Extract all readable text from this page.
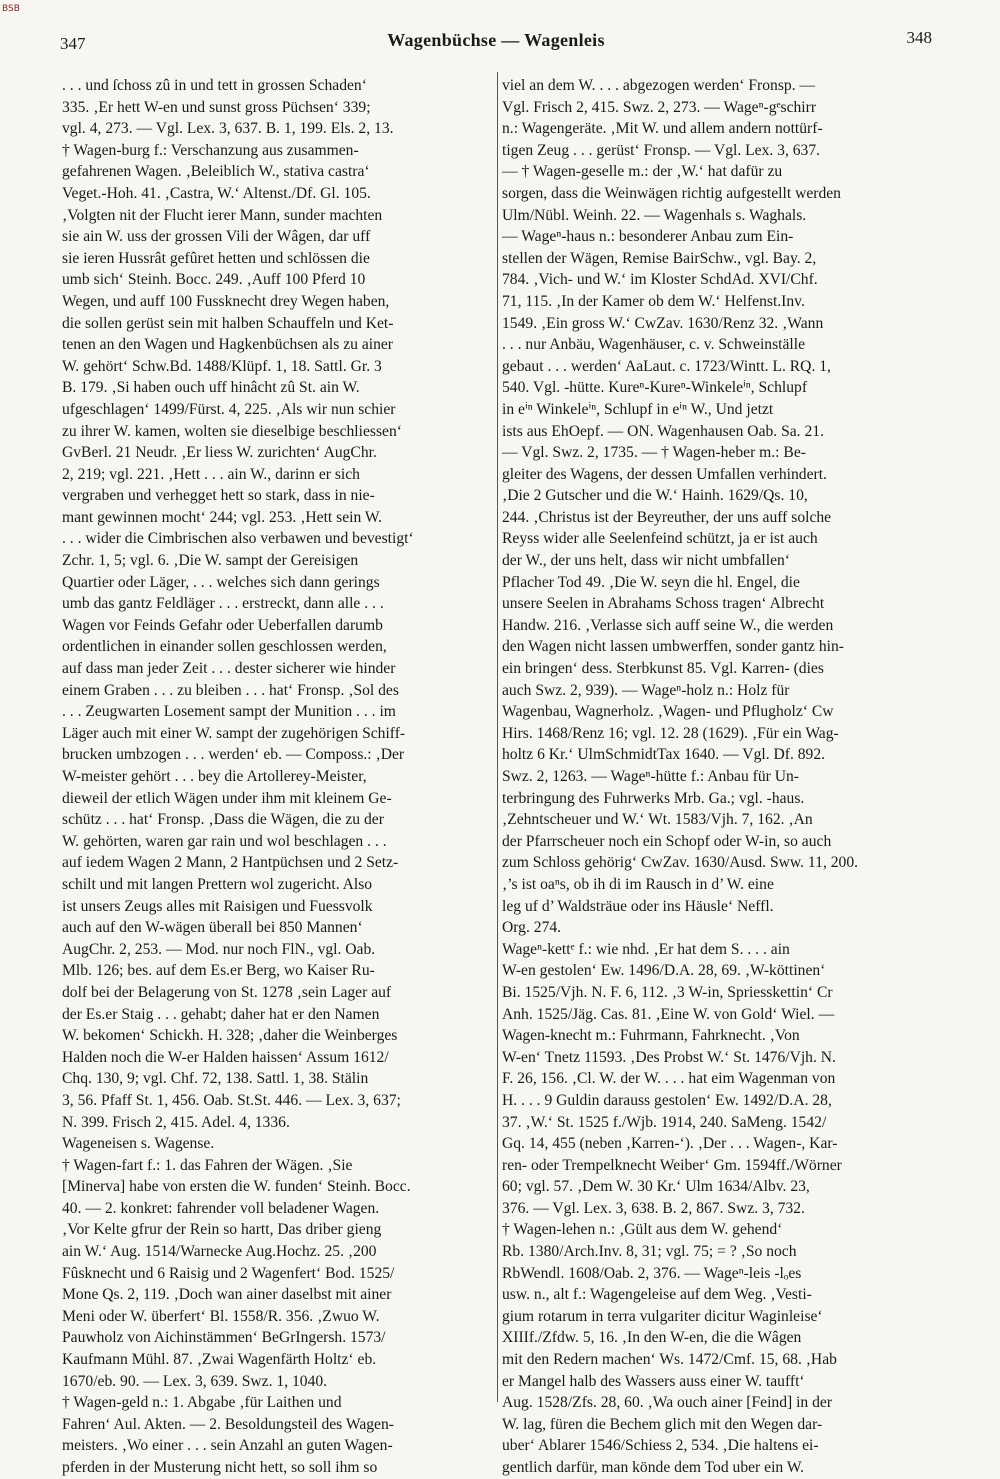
BSB
347	Wagenbüchse — Wagenleis	348
. . . und ſchoss zû in und tett in grossen Schaden‘
335. ‚Er hett W-en und sunst gross Püchsen‘ 339;
vgl. 4, 273. — Vgl. Lex. 3, 637. B. 1, 199. Els. 2, 13.
† Wagen-burg f.: Verschanzung aus zusammen-
gefahrenen Wagen. ‚Beleiblich W., stativa castra‘
Veget.-Hoh. 41. ‚Castra, W.‘ Altenst./Df. Gl. 105.
‚Volgten nit der Flucht ierer Mann, sunder machten
sie ain W. uss der grossen Vili der Wâgen, dar uff
sie ieren Hussrât gefûret hetten und schlössen die
umb sich‘ Steinh. Bocc. 249. ‚Auff 100 Pferd 10
Wegen, und auff 100 Fussknecht drey Wegen haben,
die sollen gerüst sein mit halben Schauffeln und Ket-
tenen an den Wagen und Hagkenbüchsen als zu ainer
W. gehört‘ Schw.Bd. 1488/Klüpf. 1, 18. Sattl. Gr. 3
B. 179. ‚Si haben ouch uff hinâcht zû St. ain W.
ufgeschlagen‘ 1499/Fürst. 4, 225. ‚Als wir nun schier
zu ihrer W. kamen, wolten sie dieselbige beschliessen‘
GvBerl. 21 Neudr. ‚Er liess W. zurichten‘ AugChr.
2, 219; vgl. 221. ‚Hett . . . ain W., darinn er sich
vergraben und verhegget hett so stark, dass in nie-
mant gewinnen mocht‘ 244; vgl. 253. ‚Hett sein W.
. . . wider die Cimbrischen also verbawen und bevestigt‘
Zchr. 1, 5; vgl. 6. ‚Die W. sampt der Gereisigen
Quartier oder Läger, . . . welches sich dann gerings
umb das gantz Feldläger . . . erstreckt, dann alle . . .
Wagen vor Feinds Gefahr oder Ueberfallen darumb
ordentlichen in einander sollen geschlossen werden,
auf dass man jeder Zeit . . . dester sicherer wie hinder
einem Graben . . . zu bleiben . . . hat‘ Fronsp. ‚Sol des
. . . Zeugwarten Losement sampt der Munition . . . im
Läger auch mit einer W. sampt der zugehörigen Schiff-
brucken umbzogen . . . werden‘ eb. — Composs.: ‚Der
W-meister gehört . . . bey die Artollerey-Meister,
dieweil der etlich Wägen under ihm mit kleinem Ge-
schütz . . . hat‘ Fronsp. ‚Dass die Wägen, die zu der
W. gehörten, waren gar rain und wol beschlagen . . .
auf iedem Wagen 2 Mann, 2 Hantpüchsen und 2 Setz-
schilt und mit langen Prettern wol zugericht. Also
ist unsers Zeugs alles mit Raisigen und Fuessvolk
auch auf den W-wägen überall bei 850 Mannen‘
AugChr. 2, 253. — Mod. nur noch FlN., vgl. Oab.
Mlb. 126; bes. auf dem Es.er Berg, wo Kaiser Ru-
dolf bei der Belagerung von St. 1278 ‚sein Lager auf
der Es.er Staig . . . gehabt; daher hat er den Namen
W. bekomen‘ Schickh. H. 328; ‚daher die Weinberges
Halden noch die W-er Halden haissen‘ Assum 1612/
Chq. 130, 9; vgl. Chf. 72, 138. Sattl. 1, 38. Stälin
3, 56. Pfaff St. 1, 456. Oab. St.St. 446. — Lex. 3, 637;
N. 399. Frisch 2, 415. Adel. 4, 1336.
Wageneisen s. Wagense.
† Wagen-fart f.: 1. das Fahren der Wägen. ‚Sie
[Minerva] habe von ersten die W. funden‘ Steinh. Bocc.
40. — 2. konkret: fahrender voll beladener Wagen.
‚Vor Kelte gfrur der Rein so hartt, Das driber gieng
ain W.‘ Aug. 1514/Warnecke Aug.Hochz. 25. ‚200
Fûsknecht und 6 Raisig und 2 Wagenfert‘ Bod. 1525/
Mone Qs. 2, 119. ‚Doch wan ainer daselbst mit ainer
Meni oder W. überfert‘ Bl. 1558/R. 356. ‚Zwuo W.
Pauwholz von Aichinstämmen‘ BeGrIngersh. 1573/
Kaufmann Mühl. 87. ‚Zwai Wagenfärth Holtz‘ eb.
1670/eb. 90. — Lex. 3, 639. Swz. 1, 1040.
† Wagen-geld n.: 1. Abgabe ‚für Laithen und
Fahren‘ Aul. Akten. — 2. Besoldungsteil des Wagen-
meisters. ‚Wo einer . . . sein Anzahl an guten Wagen-
pferden in der Musterung nicht hett, so soll ihm so
viel an dem W. . . . abgezogen werden‘ Fronsp. —
Vgl. Frisch 2, 415. Swz. 2, 273. — Wageⁿ-gᵉschirr
n.: Wagengeräte. ‚Mit W. und allem andern nottürf-
tigen Zeug . . . gerüst‘ Fronsp. — Vgl. Lex. 3, 637.
— † Wagen-geselle m.: der ‚W.‘ hat dafür zu
sorgen, dass die Weinwägen richtig aufgestellt werden
Ulm/Nübl. Weinh. 22. — Wagenhals s. Waghals.
— Wageⁿ-haus n.: besonderer Anbau zum Ein-
stellen der Wägen, Remise BairSchw., vgl. Bay. 2,
784. ‚Vich- und W.‘ im Kloster SchdAd. XVI/Chf.
71, 115. ‚In der Kamer ob dem W.‘ Helfenst.Inv.
1549. ‚Ein gross W.‘ CwZav. 1630/Renz 32. ‚Wann
. . . nur Anbäu, Wagenhäuser, c. v. Schweinställe
gebaut . . . werden‘ AaLaut. c. 1723/Wintt. L. RQ. 1,
540. Vgl. -hütte. Kureⁿ-Kureⁿ-Winkeleⁱⁿ, Schlupf
in eⁱⁿ Winkeleⁱⁿ, Schlupf in eⁱⁿ W., Und jetzt
ists aus EhOepf. — ON. Wagenhausen Oab. Sa. 21.
— Vgl. Swz. 2, 1735. — † Wagen-heber m.: Be-
gleiter des Wagens, der dessen Umfallen verhindert.
‚Die 2 Gutscher und die W.‘ Hainh. 1629/Qs. 10,
244. ‚Christus ist der Beyreuther, der uns auff solche
Reyss wider alle Seelenfeind schützt, ja er ist auch
der W., der uns helt, dass wir nicht umbfallen‘
Pflacher Tod 49. ‚Die W. seyn die hl. Engel, die
unsere Seelen in Abrahams Schoss tragen‘ Albrecht
Handw. 216. ‚Verlasse sich auff seine W., die werden
den Wagen nicht lassen umbwerffen, sonder gantz hin-
ein bringen‘ dess. Sterbkunst 85. Vgl. Karren- (dies
auch Swz. 2, 939). — Wageⁿ-holz n.: Holz für
Wagenbau, Wagnerholz. ‚Wagen- und Pflugholz‘ Cw
Hirs. 1468/Renz 16; vgl. 12. 28 (1629). ‚Für ein Wag-
holtz 6 Kr.‘ UlmSchmidtTax 1640. — Vgl. Df. 892.
Swz. 2, 1263. — Wageⁿ-hütte f.: Anbau für Un-
terbringung des Fuhrwerks Mrb. Ga.; vgl. -haus.
‚Zehntscheuer und W.‘ Wt. 1583/Vjh. 7, 162. ‚An
der Pfarrscheuer noch ein Schopf oder W-in, so auch
zum Schloss gehörig‘ CwZav. 1630/Ausd. Sww. 11, 200.
‚’s ist oaⁿs, ob ih di im Rausch in d’ W. eine
leg uf d’ Waldsträue oder ins Häusle‘ Neffl.
Org. 274.
Wageⁿ-kettᵉ f.: wie nhd. ‚Er hat dem S. . . . ain
W-en gestolen‘ Ew. 1496/D.A. 28, 69. ‚W-köttinen‘
Bi. 1525/Vjh. N. F. 6, 112. ‚3 W-in, Spriesskettin‘ Cr
Anh. 1525/Jäg. Cas. 81. ‚Eine W. von Gold‘ Wiel. —
Wagen-knecht m.: Fuhrmann, Fahrknecht. ‚Von
W-en‘ Tnetz 11593. ‚Des Probst W.‘ St. 1476/Vjh. N.
F. 26, 156. ‚Cl. W. der W. . . . hat eim Wagenman von
H. . . . 9 Guldin darauss gestolen‘ Ew. 1492/D.A. 28,
37. ‚W.‘ St. 1525 f./Wjb. 1914, 240. SaMeng. 1542/
Gq. 14, 455 (neben ‚Karren-‘). ‚Der . . . Wagen-, Kar-
ren- oder Trempelknecht Weiber‘ Gm. 1594ff./Wörner
60; vgl. 57. ‚Dem W. 30 Kr.‘ Ulm 1634/Albv. 23,
376. — Vgl. Lex. 3, 638. B. 2, 867. Swz. 3, 732.
† Wagen-lehen n.: ‚Gült aus dem W. gehend‘
Rb. 1380/Arch.Inv. 8, 31; vgl. 75; = ? ‚So noch
RbWendl. 1608/Oab. 2, 376. — Wageⁿ-leis -lₒes
usw. n., alt f.: Wagengeleise auf dem Weg. ‚Vesti-
gium rotarum in terra vulgariter dicitur Waginleise‘
XIIIf./Zfdw. 5, 16. ‚In den W-en, die die Wâgen
mit den Redern machen‘ Ws. 1472/Cmf. 15, 68. ‚Hab
er Mangel halb des Wassers auss einer W. taufft‘
Aug. 1528/Zfs. 28, 60. ‚Wa ouch ainer [Feind] in der
W. lag, füren die Bechem glich mit den Wegen dar-
uber‘ Ablarer 1546/Schiess 2, 534. ‚Die haltens ei-
gentlich darfür, man könde dem Tod uber ein W.
